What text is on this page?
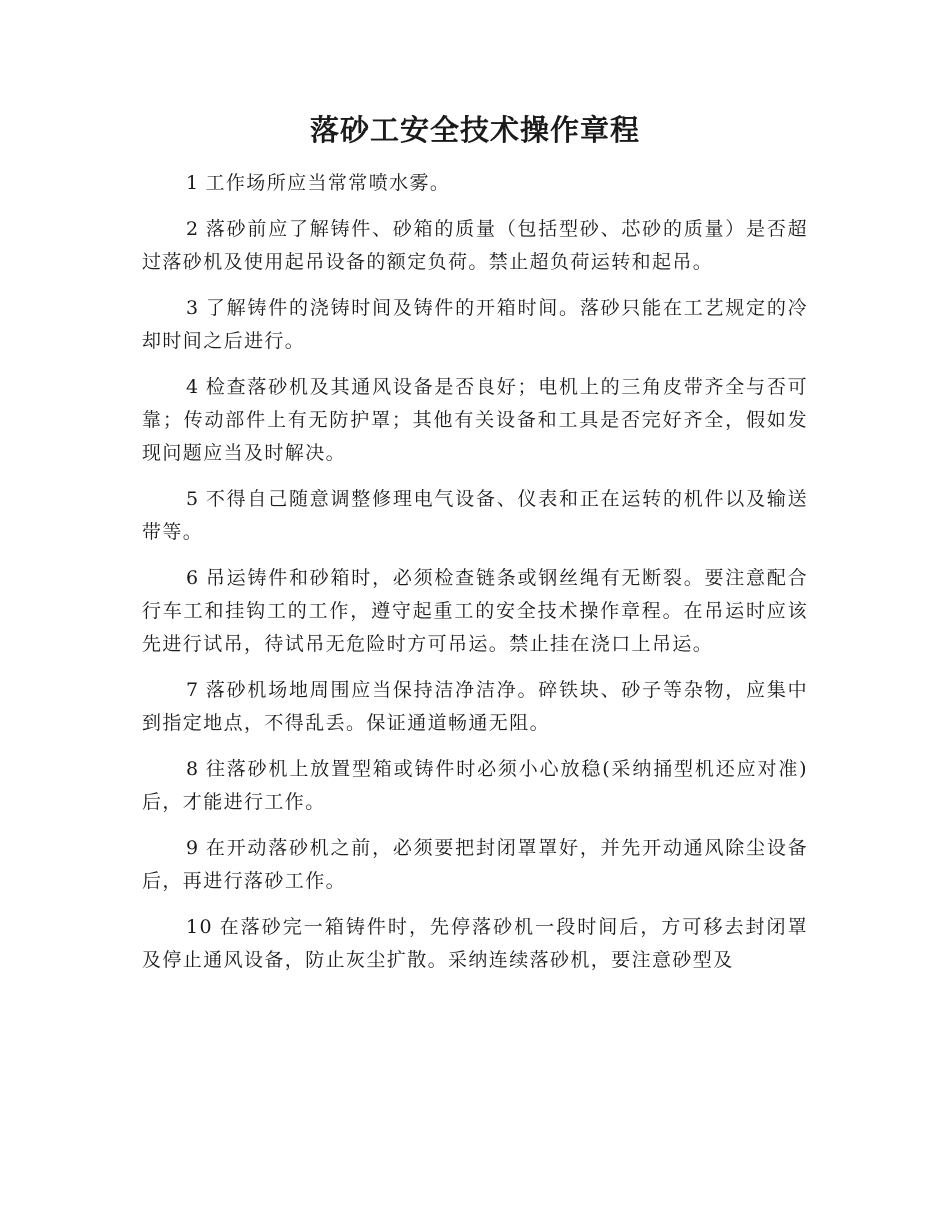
落砂工安全技术操作章程

1 工作场所应当常常喷水雾。

2 落砂前应了解铸件、砂箱的质量（包括型砂、芯砂的质量）是否超过落砂机及使用起吊设备的额定负荷。禁止超负荷运转和起吊。

3 了解铸件的浇铸时间及铸件的开箱时间。落砂只能在工艺规定的冷却时间之后进行。

4 检查落砂机及其通风设备是否良好；电机上的三角皮带齐全与否可靠；传动部件上有无防护罩；其他有关设备和工具是否完好齐全，假如发现问题应当及时解决。

5 不得自己随意调整修理电气设备、仪表和正在运转的机件以及输送带等。

6 吊运铸件和砂箱时，必须检查链条或钢丝绳有无断裂。要注意配合行车工和挂钩工的工作，遵守起重工的安全技术操作章程。在吊运时应该先进行试吊，待试吊无危险时方可吊运。禁止挂在浇口上吊运。

7 落砂机场地周围应当保持洁净洁净。碎铁块、砂子等杂物，应集中到指定地点，不得乱丢。保证通道畅通无阻。

8 往落砂机上放置型箱或铸件时必须小心放稳(采纳捅型机还应对准)后，才能进行工作。

9 在开动落砂机之前，必须要把封闭罩罩好，并先开动通风除尘设备后，再进行落砂工作。

10 在落砂完一箱铸件时，先停落砂机一段时间后，方可移去封闭罩及停止通风设备，防止灰尘扩散。采纳连续落砂机，要注意砂型及
